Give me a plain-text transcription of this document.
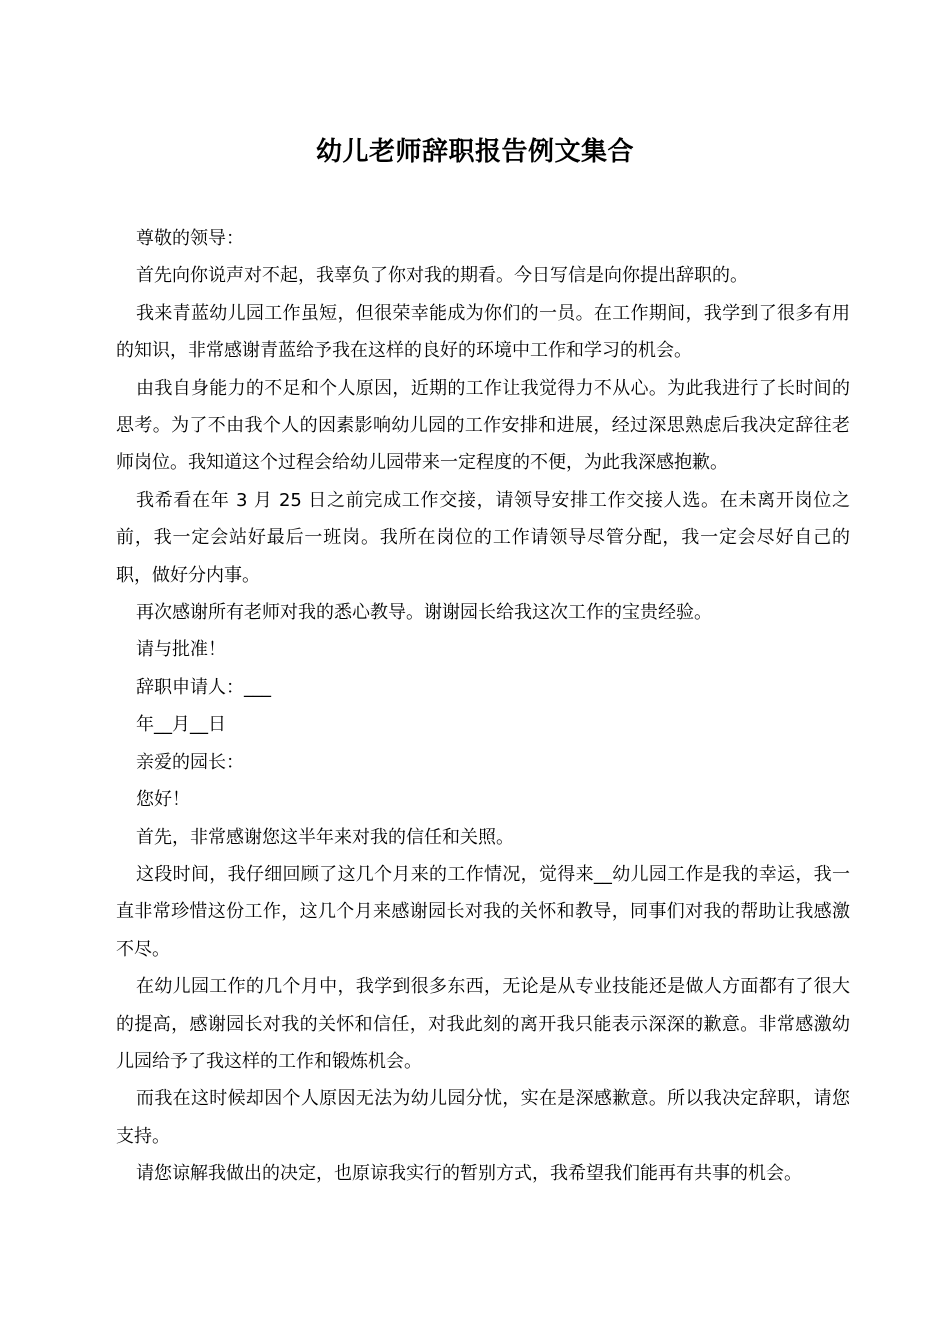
幼儿老师辞职报告例文集合

尊敬的领导：

首先向你说声对不起，我辜负了你对我的期看。今日写信是向你提出辞职的。

我来青蓝幼儿园工作虽短，但很荣幸能成为你们的一员。在工作期间，我学到了很多有用的知识，非常感谢青蓝给予我在这样的良好的环境中工作和学习的机会。

由我自身能力的不足和个人原因，近期的工作让我觉得力不从心。为此我进行了长时间的思考。为了不由我个人的因素影响幼儿园的工作安排和进展，经过深思熟虑后我决定辞往老师岗位。我知道这个过程会给幼儿园带来一定程度的不便，为此我深感抱歉。

我希看在年 3 月 25 日之前完成工作交接，请领导安排工作交接人选。在未离开岗位之前，我一定会站好最后一班岗。我所在岗位的工作请领导尽管分配，我一定会尽好自己的职，做好分内事。

再次感谢所有老师对我的悉心教导。谢谢园长给我这次工作的宝贵经验。

请与批准！

辞职申请人：___

年__月__日

亲爱的园长：

您好！

首先，非常感谢您这半年来对我的信任和关照。

这段时间，我仔细回顾了这几个月来的工作情况，觉得来__幼儿园工作是我的幸运，我一直非常珍惜这份工作，这几个月来感谢园长对我的关怀和教导，同事们对我的帮助让我感激不尽。

在幼儿园工作的几个月中，我学到很多东西，无论是从专业技能还是做人方面都有了很大的提高，感谢园长对我的关怀和信任，对我此刻的离开我只能表示深深的歉意。非常感激幼儿园给予了我这样的工作和锻炼机会。

而我在这时候却因个人原因无法为幼儿园分忧，实在是深感歉意。所以我决定辞职，请您支持。

请您谅解我做出的决定，也原谅我实行的暂别方式，我希望我们能再有共事的机会。
